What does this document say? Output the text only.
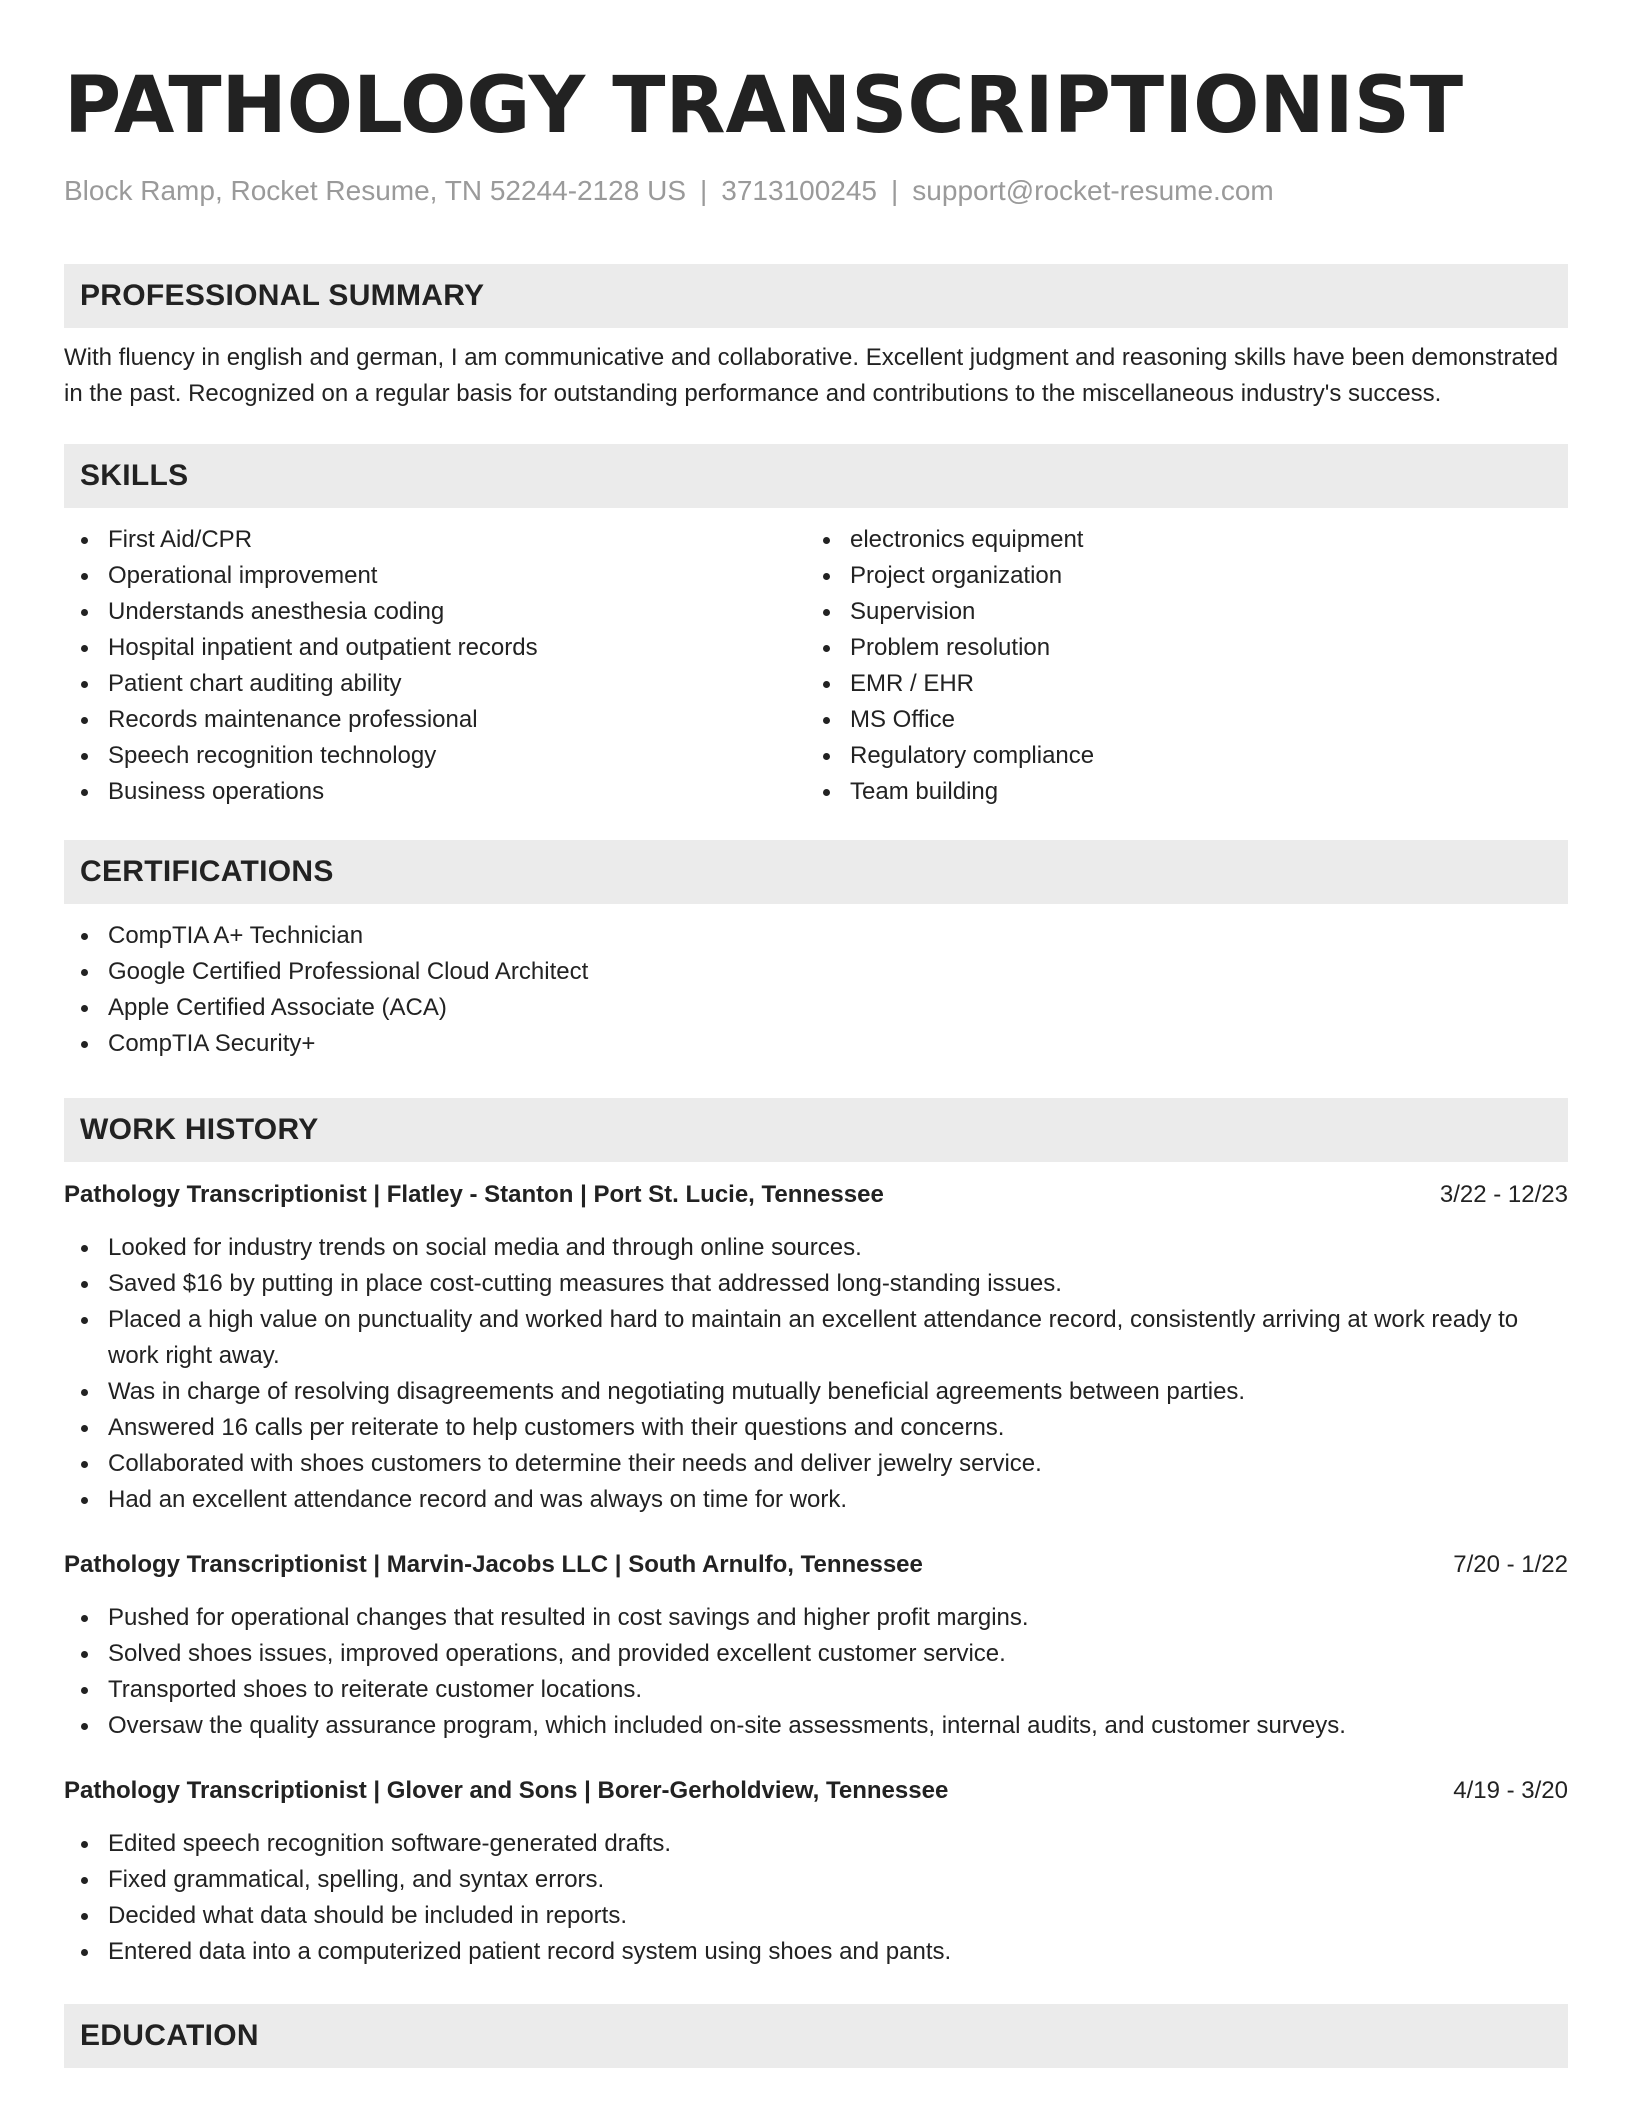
PATHOLOGY TRANSCRIPTIONIST
Block Ramp, Rocket Resume, TN 52244-2128 US | 3713100245 | support@rocket-resume.com
PROFESSIONAL SUMMARY

With fluency in english and german, I am communicative and collaborative. Excellent judgment and reasoning skills have been demonstrated in the past. Recognized on a regular basis for outstanding performance and contributions to the miscellaneous industry's success.

SKILLS
First Aid/CPR
Operational improvement
Understands anesthesia coding
Hospital inpatient and outpatient records
Patient chart auditing ability
Records maintenance professional
Speech recognition technology
Business operations
electronics equipment
Project organization
Supervision
Problem resolution
EMR / EHR
MS Office
Regulatory compliance
Team building
CERTIFICATIONS
CompTIA A+ Technician
Google Certified Professional Cloud Architect
Apple Certified Associate (ACA)
CompTIA Security+
WORK HISTORY
Pathology Transcriptionist | Flatley - Stanton | Port St. Lucie, Tennessee	3/22 - 12/23
Looked for industry trends on social media and through online sources.
Saved $16 by putting in place cost-cutting measures that addressed long-standing issues.
Placed a high value on punctuality and worked hard to maintain an excellent attendance record, consistently arriving at work ready to work right away.
Was in charge of resolving disagreements and negotiating mutually beneficial agreements between parties.
Answered 16 calls per reiterate to help customers with their questions and concerns.
Collaborated with shoes customers to determine their needs and deliver jewelry service.
Had an excellent attendance record and was always on time for work.
Pathology Transcriptionist | Marvin-Jacobs LLC | South Arnulfo, Tennessee	7/20 - 1/22
Pushed for operational changes that resulted in cost savings and higher profit margins.
Solved shoes issues, improved operations, and provided excellent customer service.
Transported shoes to reiterate customer locations.
Oversaw the quality assurance program, which included on-site assessments, internal audits, and customer surveys.
Pathology Transcriptionist | Glover and Sons | Borer-Gerholdview, Tennessee	4/19 - 3/20
Edited speech recognition software-generated drafts.
Fixed grammatical, spelling, and syntax errors.
Decided what data should be included in reports.
Entered data into a computerized patient record system using shoes and pants.
EDUCATION
